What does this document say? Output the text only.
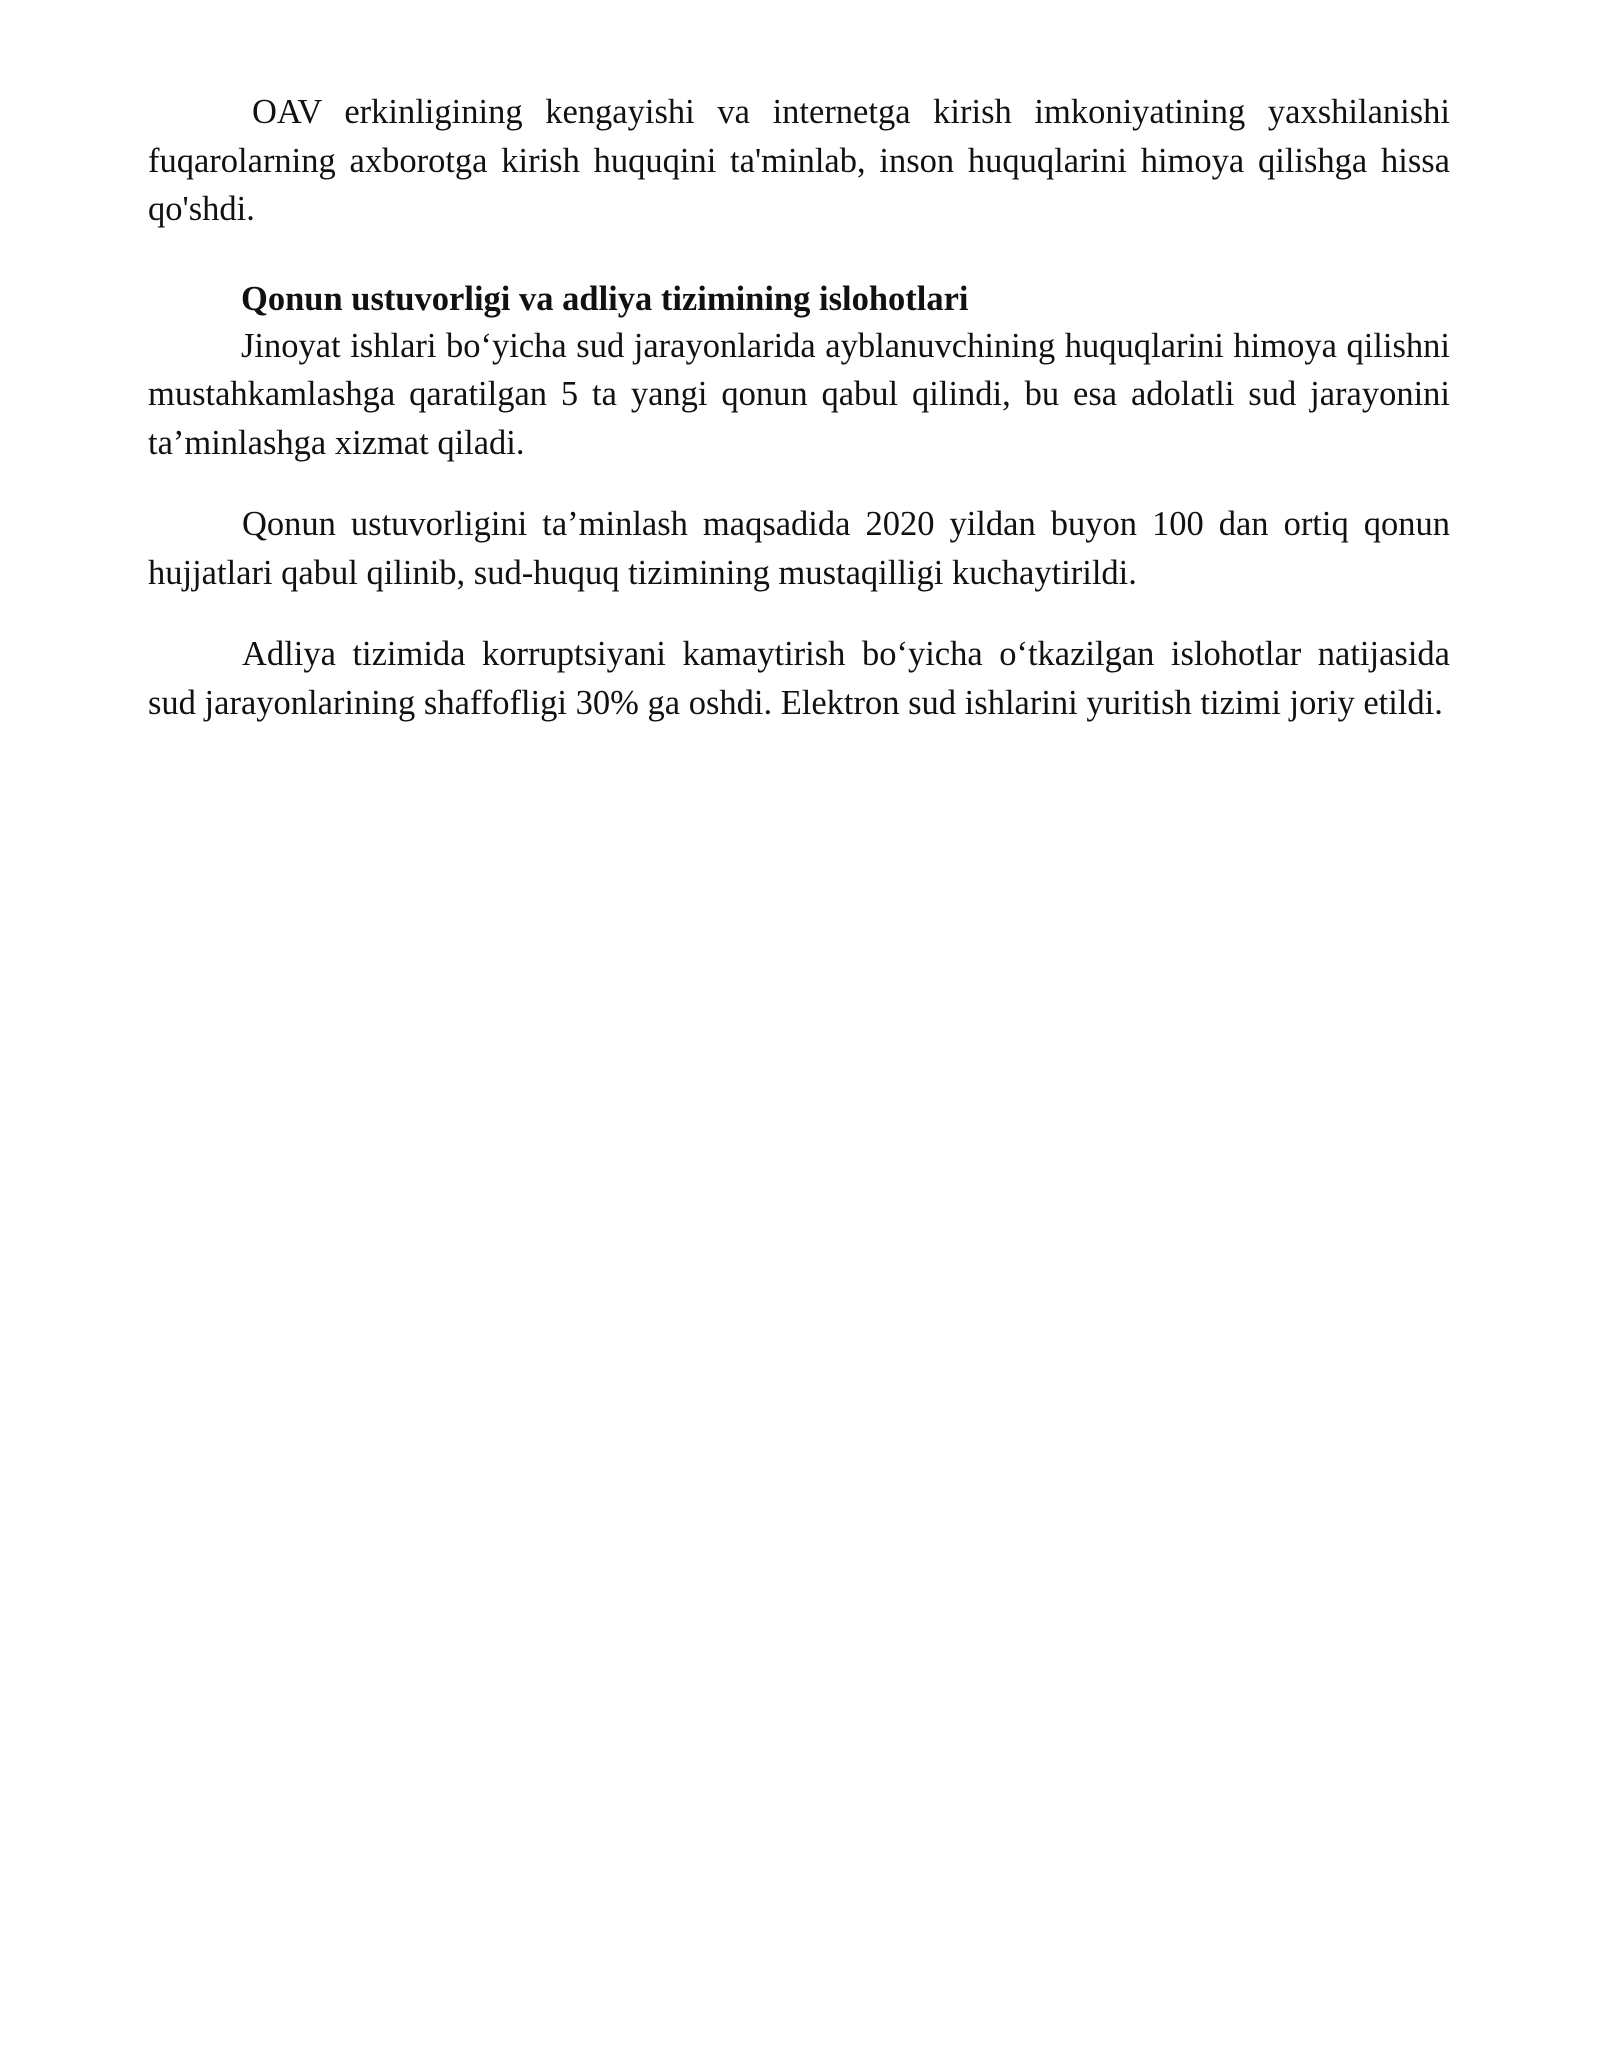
OAV erkinligining kengayishi va internetga kirish imkoniyatining yaxshilanishi fuqarolarning axborotga kirish huquqini ta'minlab, inson huquqlarini himoya qilishga hissa qo'shdi.

Qonun ustuvorligi va adliya tizimining islohotlari

Jinoyat ishlari bo‘yicha sud jarayonlarida ayblanuvchining huquqlarini himoya qilishni mustahkamlashga qaratilgan 5 ta yangi qonun qabul qilindi, bu esa adolatli sud jarayonini ta’minlashga xizmat qiladi.

Qonun ustuvorligini ta’minlash maqsadida 2020 yildan buyon 100 dan ortiq qonun hujjatlari qabul qilinib, sud-huquq tizimining mustaqilligi kuchaytirildi.

Adliya tizimida korruptsiyani kamaytirish bo‘yicha o‘tkazilgan islohotlar natijasida sud jarayonlarining shaffofligi 30% ga oshdi. Elektron sud ishlarini yuritish tizimi joriy etildi.
